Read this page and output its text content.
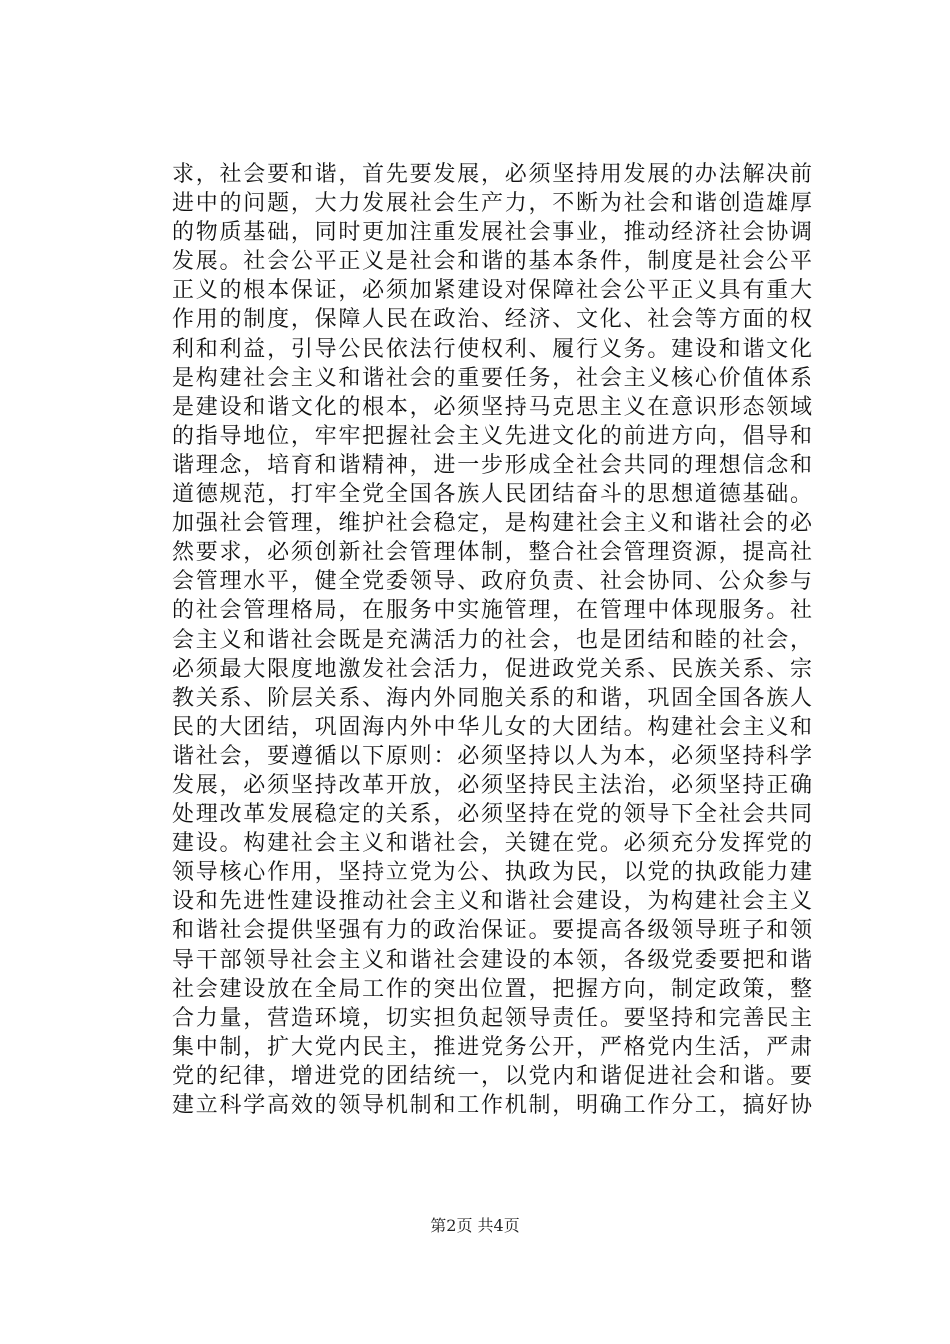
求，社会要和谐，首先要发展，必须坚持用发展的办法解决前
进中的问题，大力发展社会生产力，不断为社会和谐创造雄厚
的物质基础，同时更加注重发展社会事业，推动经济社会协调
发展。社会公平正义是社会和谐的基本条件，制度是社会公平
正义的根本保证，必须加紧建设对保障社会公平正义具有重大
作用的制度，保障人民在政治、经济、文化、社会等方面的权
利和利益，引导公民依法行使权利、履行义务。建设和谐文化
是构建社会主义和谐社会的重要任务，社会主义核心价值体系
是建设和谐文化的根本，必须坚持马克思主义在意识形态领域
的指导地位，牢牢把握社会主义先进文化的前进方向，倡导和
谐理念，培育和谐精神，进一步形成全社会共同的理想信念和
道德规范，打牢全党全国各族人民团结奋斗的思想道德基础。
加强社会管理，维护社会稳定，是构建社会主义和谐社会的必
然要求，必须创新社会管理体制，整合社会管理资源，提高社
会管理水平，健全党委领导、政府负责、社会协同、公众参与
的社会管理格局，在服务中实施管理，在管理中体现服务。社
会主义和谐社会既是充满活力的社会，也是团结和睦的社会，
必须最大限度地激发社会活力，促进政党关系、民族关系、宗
教关系、阶层关系、海内外同胞关系的和谐，巩固全国各族人
民的大团结，巩固海内外中华儿女的大团结。构建社会主义和
谐社会，要遵循以下原则：必须坚持以人为本，必须坚持科学
发展，必须坚持改革开放，必须坚持民主法治，必须坚持正确
处理改革发展稳定的关系，必须坚持在党的领导下全社会共同
建设。构建社会主义和谐社会，关键在党。必须充分发挥党的
领导核心作用，坚持立党为公、执政为民，以党的执政能力建
设和先进性建设推动社会主义和谐社会建设，为构建社会主义
和谐社会提供坚强有力的政治保证。要提高各级领导班子和领
导干部领导社会主义和谐社会建设的本领，各级党委要把和谐
社会建设放在全局工作的突出位置，把握方向，制定政策，整
合力量，营造环境，切实担负起领导责任。要坚持和完善民主
集中制，扩大党内民主，推进党务公开，严格党内生活，严肃
党的纪律，增进党的团结统一，以党内和谐促进社会和谐。要
建立科学高效的领导机制和工作机制，明确工作分工，搞好协
第2页 共4页
